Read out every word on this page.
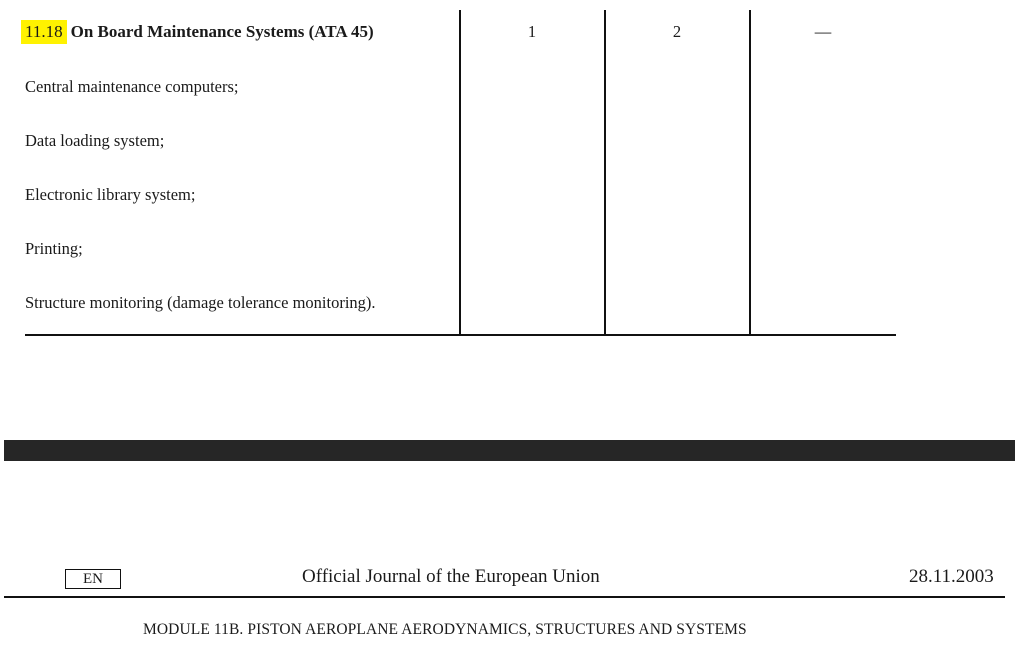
11.18 On Board Maintenance Systems (ATA 45)	1	2	—
Central maintenance computers;
Data loading system;
Electronic library system;
Printing;
Structure monitoring (damage tolerance monitoring).
EN	Official Journal of the European Union	28.11.2003
MODULE 11B. PISTON AEROPLANE AERODYNAMICS, STRUCTURES AND SYSTEMS
